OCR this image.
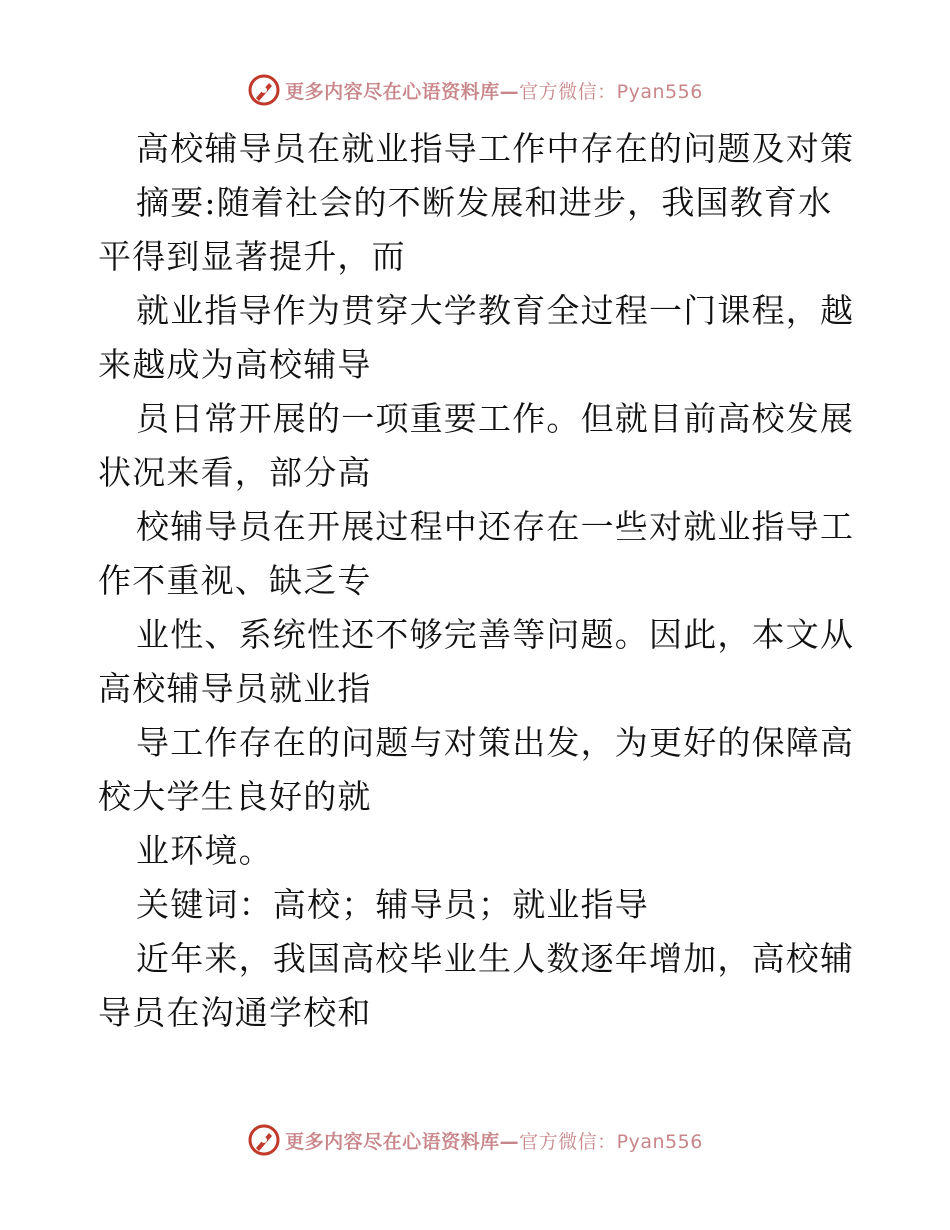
更多内容尽在心语资料库— 官方微信：Pyan556
高校辅导员在就业指导工作中存在的问题及对策
摘要:随着社会的不断发展和进步，我国教育水
平得到显著提升，而
就业指导作为贯穿大学教育全过程一门课程，越
来越成为高校辅导
员日常开展的一项重要工作。但就目前高校发展
状况来看，部分高
校辅导员在开展过程中还存在一些对就业指导工
作不重视、缺乏专
业性、系统性还不够完善等问题。因此，本文从
高校辅导员就业指
导工作存在的问题与对策出发，为更好的保障高
校大学生良好的就
业环境。
关键词：高校；辅导员；就业指导
近年来，我国高校毕业生人数逐年增加，高校辅
导员在沟通学校和
更多内容尽在心语资料库— 官方微信：Pyan556
